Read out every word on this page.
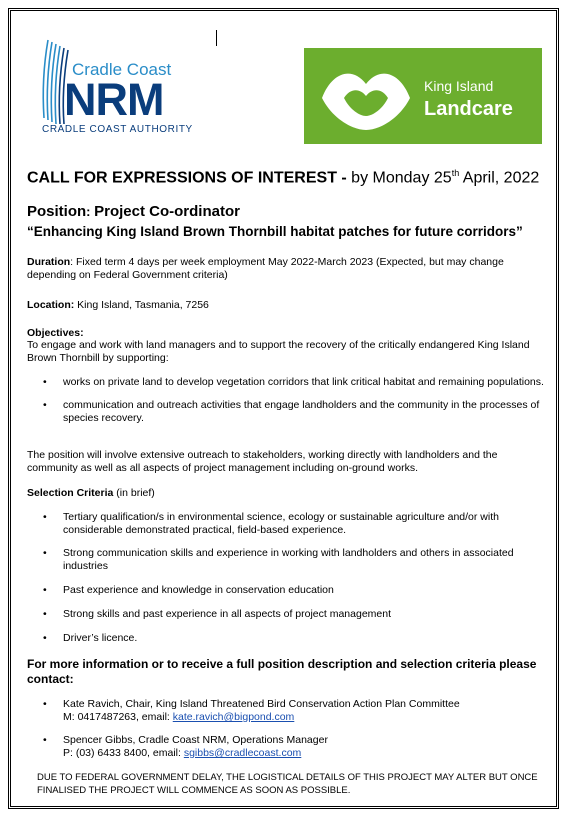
Cradle Coast
NRM
CRADLE COAST AUTHORITY
King Island
Landcare
CALL FOR EXPRESSIONS OF INTEREST - by Monday 25th April, 2022
Position: Project Co-ordinator
“Enhancing King Island Brown Thornbill habitat patches for future corridors”
Duration: Fixed term 4 days per week employment May 2022-March 2023 (Expected, but may change depending on Federal Government criteria)
Location: King Island, Tasmania, 7256
Objectives:
To engage and work with land managers and to support the recovery of the critically endangered King Island Brown Thornbill by supporting:
• works on private land to develop vegetation corridors that link critical habitat and remaining populations.
• communication and outreach activities that engage landholders and the community in the processes of species recovery.
The position will involve extensive outreach to stakeholders, working directly with landholders and the community as well as all aspects of project management including on-ground works.
Selection Criteria (in brief)
• Tertiary qualification/s in environmental science, ecology or sustainable agriculture and/or with considerable demonstrated practical, field-based experience.
• Strong communication skills and experience in working with landholders and others in associated industries
• Past experience and knowledge in conservation education
• Strong skills and past experience in all aspects of project management
• Driver’s licence.
For more information or to receive a full position description and selection criteria please contact:
• Kate Ravich, Chair, King Island Threatened Bird Conservation Action Plan Committee
M: 0417487263, email: kate.ravich@bigpond.com
• Spencer Gibbs, Cradle Coast NRM, Operations Manager
P: (03) 6433 8400, email: sgibbs@cradlecoast.com
DUE TO FEDERAL GOVERNMENT DELAY, THE LOGISTICAL DETAILS OF THIS PROJECT MAY ALTER BUT ONCE FINALISED THE PROJECT WILL COMMENCE AS SOON AS POSSIBLE.
